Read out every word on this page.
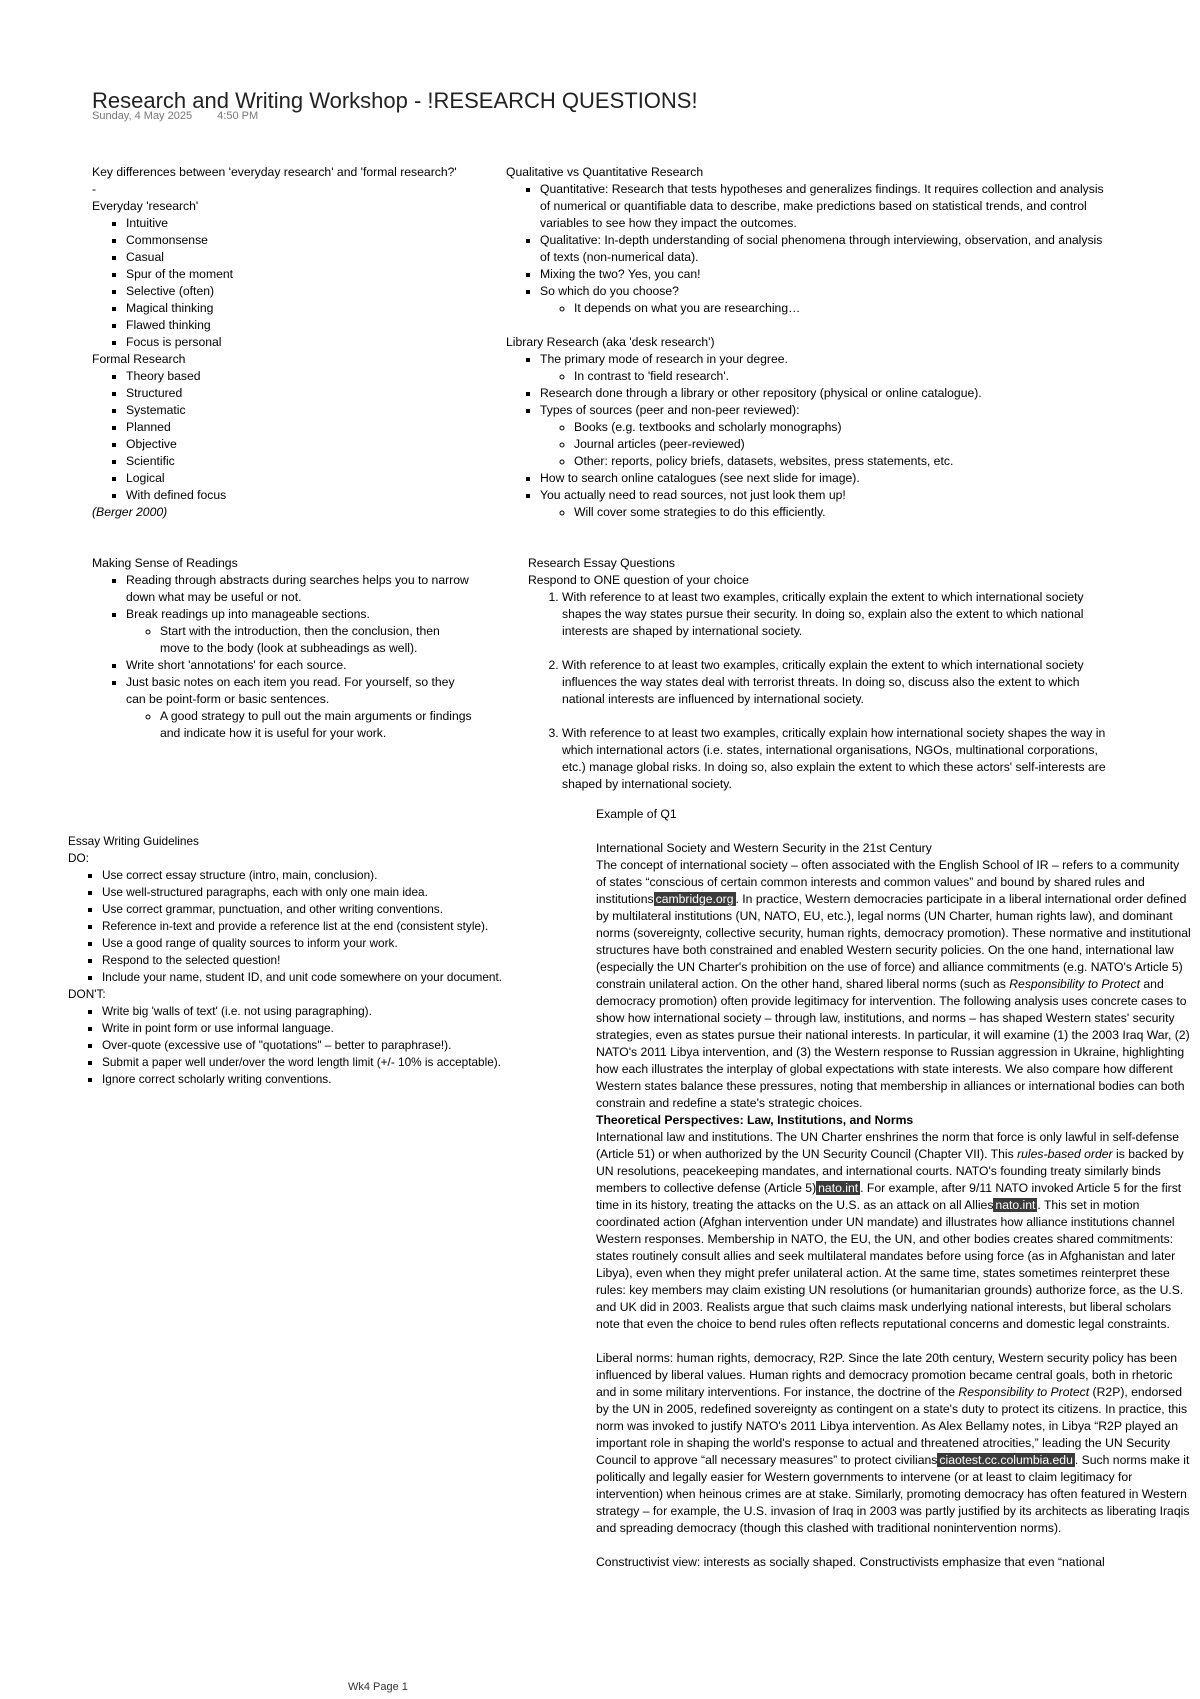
Research and Writing Workshop - !RESEARCH QUESTIONS!
Sunday, 4 May 2025 4:50 PM

Key differences between 'everyday research' and 'formal research?'

-

Everyday 'research'

▪ Intuitive
▪ Commonsense
▪ Casual
▪ Spur of the moment
▪ Selective (often)
▪ Magical thinking
▪ Flawed thinking
▪ Focus is personal

Formal Research

▪ Theory based
▪ Structured
▪ Systematic
▪ Planned
▪ Objective
▪ Scientific
▪ Logical
▪ With defined focus

(Berger 2000)

Qualitative vs Quantitative Research

▪ Quantitative: Research that tests hypotheses and generalizes findings. It requires collection and analysis of numerical or quantifiable data to describe, make predictions based on statistical trends, and control variables to see how they impact the outcomes.
▪ Qualitative: In-depth understanding of social phenomena through interviewing, observation, and analysis of texts (non-numerical data).
▪ Mixing the two? Yes, you can!
▪ So which do you choose?
◦ It depends on what you are researching…

Library Research (aka 'desk research')

▪ The primary mode of research in your degree.
◦ In contrast to 'field research'.
▪ Research done through a library or other repository (physical or online catalogue).
▪ Types of sources (peer and non-peer reviewed):
◦ Books (e.g. textbooks and scholarly monographs)
◦ Journal articles (peer-reviewed)
◦ Other: reports, policy briefs, datasets, websites, press statements, etc.
▪ How to search online catalogues (see next slide for image).
▪ You actually need to read sources, not just look them up!
◦ Will cover some strategies to do this efficiently.

Making Sense of Readings

▪ Reading through abstracts during searches helps you to narrow down what may be useful or not.
▪ Break readings up into manageable sections.
◦ Start with the introduction, then the conclusion, then move to the body (look at subheadings as well).
▪ Write short 'annotations' for each source.
▪ Just basic notes on each item you read. For yourself, so they can be point-form or basic sentences.
◦ A good strategy to pull out the main arguments or findings and indicate how it is useful for your work.

Research Essay Questions

Respond to ONE question of your choice

1. With reference to at least two examples, critically explain the extent to which international society shapes the way states pursue their security. In doing so, explain also the extent to which national interests are shaped by international society.
2. With reference to at least two examples, critically explain the extent to which international society influences the way states deal with terrorist threats. In doing so, discuss also the extent to which national interests are influenced by international society.
3. With reference to at least two examples, critically explain how international society shapes the way in which international actors (i.e. states, international organisations, NGOs, multinational corporations, etc.) manage global risks. In doing so, also explain the extent to which these actors' self-interests are shaped by international society.

Essay Writing Guidelines

DO:

▪ Use correct essay structure (intro, main, conclusion).
▪ Use well-structured paragraphs, each with only one main idea.
▪ Use correct grammar, punctuation, and other writing conventions.
▪ Reference in-text and provide a reference list at the end (consistent style).
▪ Use a good range of quality sources to inform your work.
▪ Respond to the selected question!
▪ Include your name, student ID, and unit code somewhere on your document.

DON'T:

▪ Write big 'walls of text' (i.e. not using paragraphing).
▪ Write in point form or use informal language.
▪ Over-quote (excessive use of "quotations" – better to paraphrase!).
▪ Submit a paper well under/over the word length limit (+/- 10% is acceptable).
▪ Ignore correct scholarly writing conventions.

Example of Q1

International Society and Western Security in the 21st Century

The concept of international society – often associated with the English School of IR – refers to a community of states “conscious of certain common interests and common values” and bound by shared rules and institutions cambridge.org . In practice, Western democracies participate in a liberal international order defined by multilateral institutions (UN, NATO, EU, etc.), legal norms (UN Charter, human rights law), and dominant norms (sovereignty, collective security, human rights, democracy promotion). These normative and institutional structures have both constrained and enabled Western security policies. On the one hand, international law (especially the UN Charter's prohibition on the use of force) and alliance commitments (e.g. NATO's Article 5) constrain unilateral action. On the other hand, shared liberal norms (such as Responsibility to Protect and democracy promotion) often provide legitimacy for intervention. The following analysis uses concrete cases to show how international society – through law, institutions, and norms – has shaped Western states' security strategies, even as states pursue their national interests. In particular, it will examine (1) the 2003 Iraq War, (2) NATO's 2011 Libya intervention, and (3) the Western response to Russian aggression in Ukraine, highlighting how each illustrates the interplay of global expectations with state interests. We also compare how different Western states balance these pressures, noting that membership in alliances or international bodies can both constrain and redefine a state's strategic choices.

Theoretical Perspectives: Law, Institutions, and Norms

International law and institutions. The UN Charter enshrines the norm that force is only lawful in self-defense (Article 51) or when authorized by the UN Security Council (Chapter VII). This rules-based order is backed by UN resolutions, peacekeeping mandates, and international courts. NATO's founding treaty similarly binds members to collective defense (Article 5) nato.int . For example, after 9/11 NATO invoked Article 5 for the first time in its history, treating the attacks on the U.S. as an attack on all Allies nato.int . This set in motion coordinated action (Afghan intervention under UN mandate) and illustrates how alliance institutions channel Western responses. Membership in NATO, the EU, the UN, and other bodies creates shared commitments: states routinely consult allies and seek multilateral mandates before using force (as in Afghanistan and later Libya), even when they might prefer unilateral action. At the same time, states sometimes reinterpret these rules: key members may claim existing UN resolutions (or humanitarian grounds) authorize force, as the U.S. and UK did in 2003. Realists argue that such claims mask underlying national interests, but liberal scholars note that even the choice to bend rules often reflects reputational concerns and domestic legal constraints.

Liberal norms: human rights, democracy, R2P. Since the late 20th century, Western security policy has been influenced by liberal values. Human rights and democracy promotion became central goals, both in rhetoric and in some military interventions. For instance, the doctrine of the Responsibility to Protect (R2P), endorsed by the UN in 2005, redefined sovereignty as contingent on a state's duty to protect its citizens. In practice, this norm was invoked to justify NATO's 2011 Libya intervention. As Alex Bellamy notes, in Libya “R2P played an important role in shaping the world's response to actual and threatened atrocities,” leading the UN Security Council to approve “all necessary measures” to protect civilians ciaotest.cc.columbia.edu . Such norms make it politically and legally easier for Western governments to intervene (or at least to claim legitimacy for intervention) when heinous crimes are at stake. Similarly, promoting democracy has often featured in Western strategy – for example, the U.S. invasion of Iraq in 2003 was partly justified by its architects as liberating Iraqis and spreading democracy (though this clashed with traditional nonintervention norms).

Constructivist view: interests as socially shaped. Constructivists emphasize that even “national

Wk4 Page 1
